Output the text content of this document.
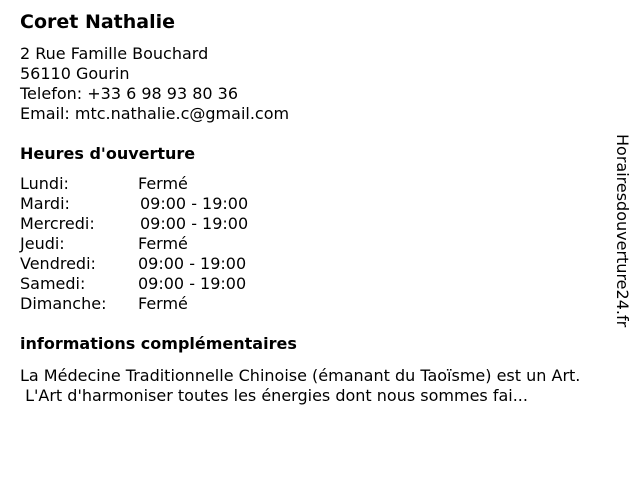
Coret Nathalie
2 Rue Famille Bouchard
56110 Gourin
Telefon: +33 6 98 93 80 36
Email: mtc.nathalie.c@gmail.com
Heures d'ouverture
Lundi:	Fermé
Mardi:	09:00 - 19:00
Mercredi:	09:00 - 19:00
Jeudi:	Fermé
Vendredi:	09:00 - 19:00
Samedi:	09:00 - 19:00
Dimanche: Fermé
informations complémentaires
La Médecine Traditionnelle Chinoise (émanant du Taoïsme) est un Art.
L'Art d'harmoniser toutes les énergies dont nous sommes fai...
Horairesdouverture24.fr
